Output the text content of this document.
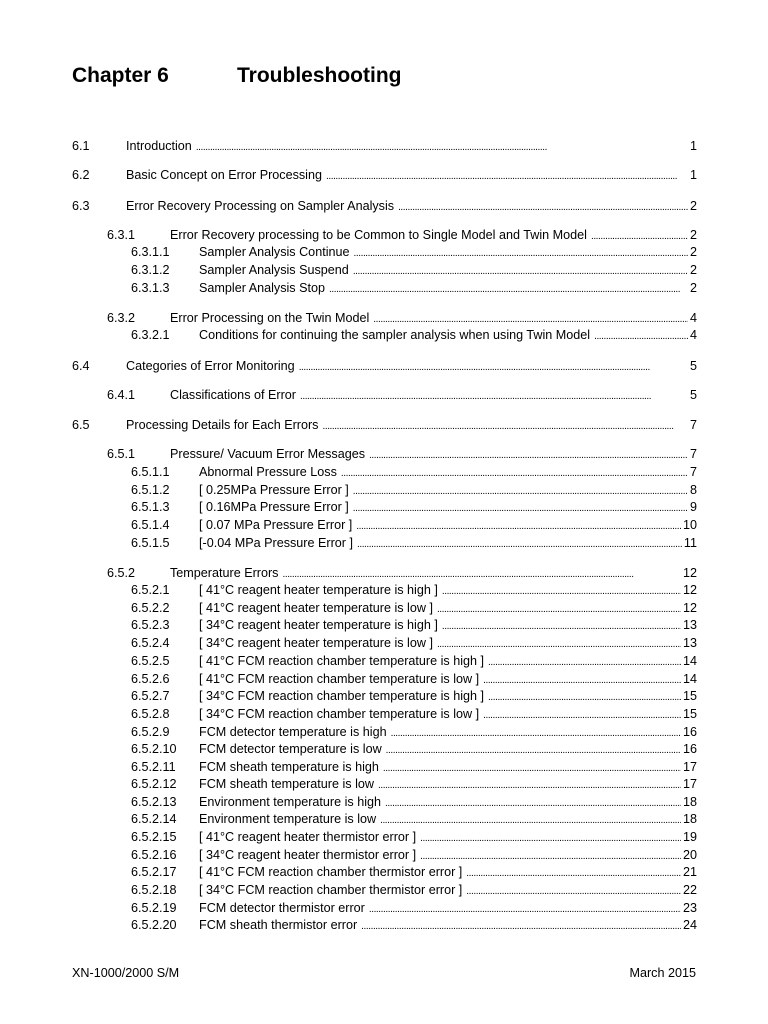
Chapter 6	Troubleshooting
6.1	Introduction . . .	1
6.2	Basic Concept on Error Processing . . .	1
6.3	Error Recovery Processing on Sampler Analysis . . .	2
6.3.1	Error Recovery processing to be Common to Single Model and Twin Model . . .	2
6.3.1.1 Sampler Analysis Continue . . .	2
6.3.1.2 Sampler Analysis Suspend . . .	2
6.3.1.3 Sampler Analysis Stop . . .	2
6.3.2	Error Processing on the Twin Model . . .	4
6.3.2.1 Conditions for continuing the sampler analysis when using Twin Model . . .	4
6.4	Categories of Error Monitoring . . .	5
6.4.1	Classifications of Error . . .	5
6.5	Processing Details for Each Errors . . .	7
6.5.1	Pressure/ Vacuum Error Messages . . .	7
6.5.1.1 Abnormal Pressure Loss . . .	7
6.5.1.2 [ 0.25MPa Pressure Error ] . . .	8
6.5.1.3 [ 0.16MPa Pressure Error ] . . .	9
6.5.1.4 [ 0.07 MPa Pressure Error ] . . .	10
6.5.1.5 [-0.04 MPa Pressure Error ] . . .	11
6.5.2	Temperature Errors . . .	12
6.5.2.1 [ 41°C reagent heater temperature is high ] . . .	12
6.5.2.2 [ 41°C reagent heater temperature is low ] . . .	12
6.5.2.3 [ 34°C reagent heater temperature is high ] . . .	13
6.5.2.4 [ 34°C reagent heater temperature is low ] . . .	13
6.5.2.5 [ 41°C FCM reaction chamber temperature is high ] . . .	14
6.5.2.6 [ 41°C FCM reaction chamber temperature is low ] . . .	14
6.5.2.7 [ 34°C FCM reaction chamber temperature is high ] . . .	15
6.5.2.8 [ 34°C FCM reaction chamber temperature is low ] . . .	15
6.5.2.9 FCM detector temperature is high . . .	16
6.5.2.10 FCM detector temperature is low . . .	16
6.5.2.11 FCM sheath temperature is high . . .	17
6.5.2.12 FCM sheath temperature is low . . .	17
6.5.2.13 Environment temperature is high . . .	18
6.5.2.14 Environment temperature is low . . .	18
6.5.2.15 [ 41°C reagent heater thermistor error ] . . .	19
6.5.2.16 [ 34°C reagent heater thermistor error ] . . .	20
6.5.2.17 [ 41°C FCM reaction chamber thermistor error ] . . .	21
6.5.2.18 [ 34°C FCM reaction chamber thermistor error ] . . .	22
6.5.2.19 FCM detector thermistor error . . .	23
6.5.2.20 FCM sheath thermistor error . . .	24
XN-1000/2000 S/M	March 2015
